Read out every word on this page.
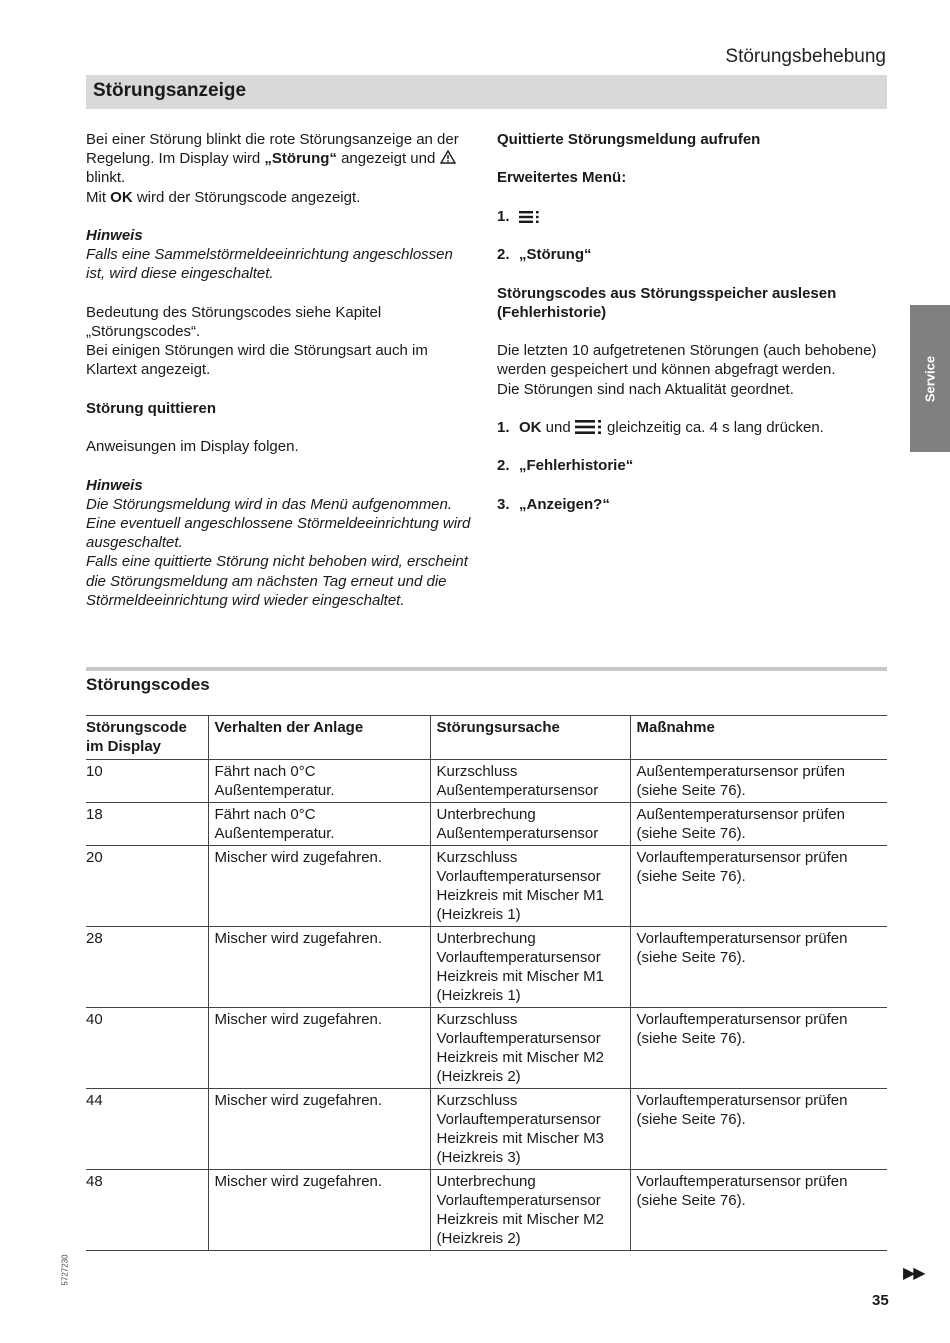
Störungsbehebung
Störungsanzeige

Bei einer Störung blinkt die rote Störungsanzeige an der Regelung. Im Display wird „Störung“ angezeigt und  blinkt.
Mit OK wird der Störungscode angezeigt.

Hinweis
Falls eine Sammelstörmeldeeinrichtung angeschlossen ist, wird diese eingeschaltet.

Bedeutung des Störungscodes siehe Kapitel „Störungscodes“.
Bei einigen Störungen wird die Störungsart auch im Klartext angezeigt.

Störung quittieren

Anweisungen im Display folgen.

Hinweis
Die Störungsmeldung wird in das Menü aufgenommen.
Eine eventuell angeschlossene Störmeldeeinrichtung wird ausgeschaltet.
Falls eine quittierte Störung nicht behoben wird, erscheint die Störungsmeldung am nächsten Tag erneut und die Störmeldeeinrichtung wird wieder eingeschaltet.

Quittierte Störungsmeldung aufrufen

Erweitertes Menü:

1.
2. „Störung“

Störungscodes aus Störungsspeicher auslesen (Fehlerhistorie)

Die letzten 10 aufgetretenen Störungen (auch behobene) werden gespeichert und können abgefragt werden.
Die Störungen sind nach Aktualität geordnet.

1. OK und  gleichzeitig ca. 4 s lang drücken.
2. „Fehlerhistorie“
3. „Anzeigen?“
Service
Störungscodes
Störungscode im Display	Verhalten der Anlage	Störungsursache	Maßnahme
10	Fährt nach 0°C Außentemperatur.	Kurzschluss Außentemperatursensor	Außentemperatursensor prüfen (siehe Seite 76).
18	Fährt nach 0°C Außentemperatur.	Unterbrechung Außentemperatursensor	Außentemperatursensor prüfen (siehe Seite 76).
20	Mischer wird zugefahren.	Kurzschluss Vorlauftemperatursensor Heizkreis mit Mischer M1 (Heizkreis 1)	Vorlauftemperatursensor prüfen (siehe Seite 76).
28	Mischer wird zugefahren.	Unterbrechung Vorlauftemperatursensor Heizkreis mit Mischer M1 (Heizkreis 1)	Vorlauftemperatursensor prüfen (siehe Seite 76).
40	Mischer wird zugefahren.	Kurzschluss Vorlauftemperatursensor Heizkreis mit Mischer M2 (Heizkreis 2)	Vorlauftemperatursensor prüfen (siehe Seite 76).
44	Mischer wird zugefahren.	Kurzschluss Vorlauftemperatursensor Heizkreis mit Mischer M3 (Heizkreis 3)	Vorlauftemperatursensor prüfen (siehe Seite 76).
48	Mischer wird zugefahren.	Unterbrechung Vorlauftemperatursensor Heizkreis mit Mischer M2 (Heizkreis 2)	Vorlauftemperatursensor prüfen (siehe Seite 76).
5727230	▶▶
35
